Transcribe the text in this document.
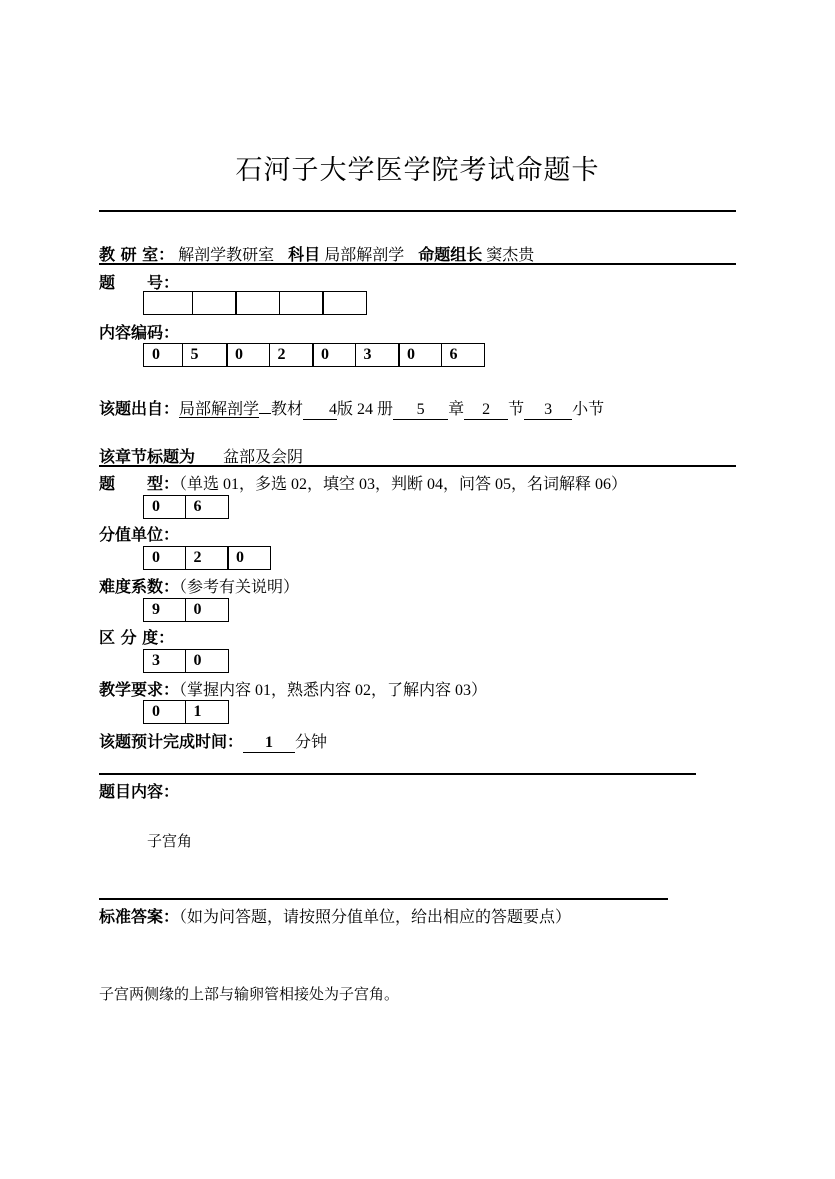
石河子大学医学院考试命题卡
教 研 室： 解剖学教研室 科目 局部解剖学 命题组长 窦杰贵
题　　号：
内容编码：
0	5	0	2	0	3	0	6
该题出自：局部解剖学 教材 4版 24 册 5 章 2 节 3 小节
该章节标题为 盆部及会阴
题　　型：（单选 01，多选 02，填空 03，判断 04，问答 05，名词解释 06）
0	6
分值单位：
0	2	0
难度系数：（参考有关说明）
9	0
区 分 度：
3	0
教学要求：（掌握内容 01，熟悉内容 02，了解内容 03）
0	1
该题预计完成时间： 1 分钟
题目内容：
子宫角
标准答案：（如为问答题，请按照分值单位，给出相应的答题要点）
子宫两侧缘的上部与输卵管相接处为子宫角。
